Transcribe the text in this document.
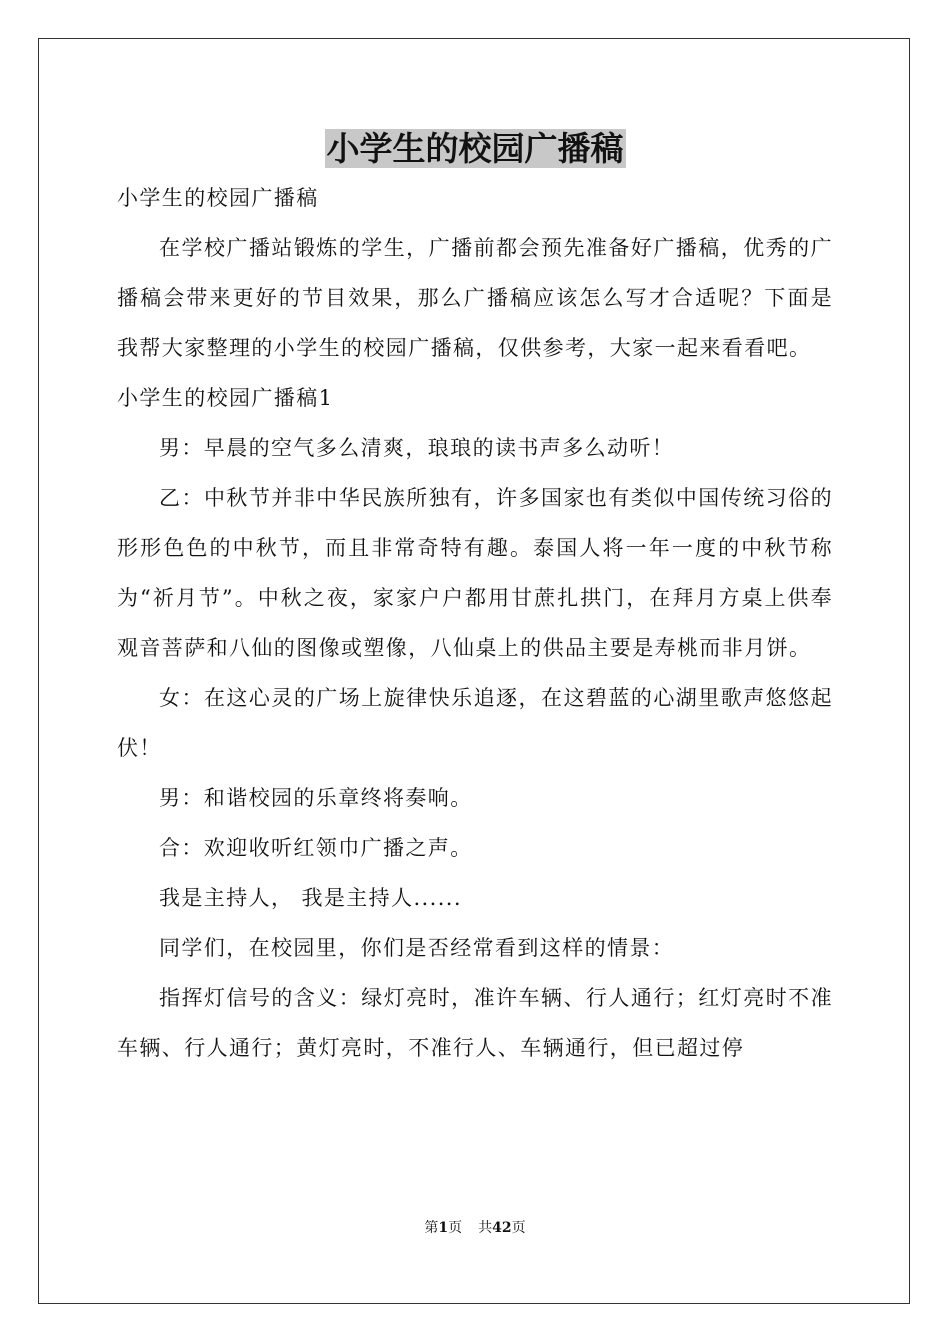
小学生的校园广播稿

小学生的校园广播稿

在学校广播站锻炼的学生，广播前都会预先准备好广播稿，优秀的广播稿会带来更好的节目效果，那么广播稿应该怎么写才合适呢？下面是我帮大家整理的小学生的校园广播稿，仅供参考，大家一起来看看吧。

小学生的校园广播稿1

男：早晨的空气多么清爽，琅琅的读书声多么动听！

乙：中秋节并非中华民族所独有，许多国家也有类似中国传统习俗的形形色色的中秋节，而且非常奇特有趣。泰国人将一年一度的中秋节称为“祈月节”。中秋之夜，家家户户都用甘蔗扎拱门，在拜月方桌上供奉观音菩萨和八仙的图像或塑像，八仙桌上的供品主要是寿桃而非月饼。

女：在这心灵的广场上旋律快乐追逐，在这碧蓝的心湖里歌声悠悠起伏！

男：和谐校园的乐章终将奏响。

合：欢迎收听红领巾广播之声。

我是主持人， 我是主持人......

同学们，在校园里，你们是否经常看到这样的情景：

指挥灯信号的含义：绿灯亮时，准许车辆、行人通行；红灯亮时不准车辆、行人通行；黄灯亮时，不准行人、车辆通行，但已超过停

第1页 共42页
